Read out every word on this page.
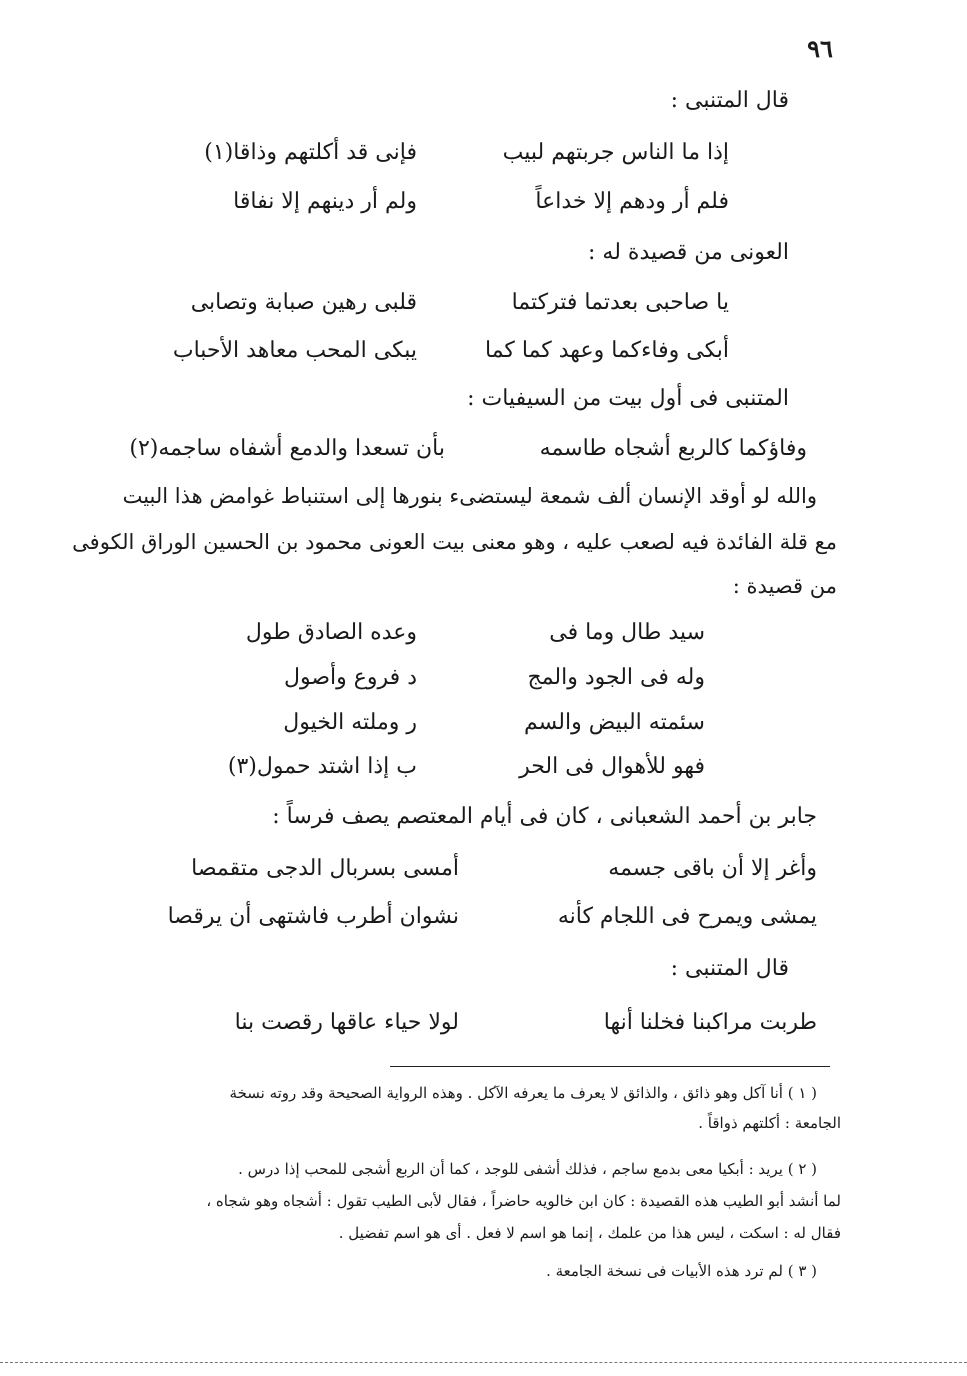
٩٦
قال المتنبى :
إذا ما الناس جربتهم لبيب
فإنى قد أكلتهم وذاقا(١)
فلم أر ودهم إلا خداعاً
ولم أر دينهم إلا نفاقا
العونى من قصيدة له :
يا صاحبى بعدتما فتركتما
قلبى رهين صبابة وتصابى
أبكى وفاءكما وعهد كما كما
يبكى المحب معاهد الأحباب
المتنبى فى أول بيت من السيفيات :
وفاؤكما كالربع أشجاه طاسمه
بأن تسعدا والدمع أشفاه ساجمه(٢)
والله لو أوقد الإنسان ألف شمعة ليستضىء بنورها إلى استنباط غوامض هذا البيت
مع قلة الفائدة فيه لصعب عليه ، وهو معنى بيت العونى محمود بن الحسين الوراق الكوفى
من قصيدة :
سيد طال وما فى
وعده الصادق طول
وله فى الجود والمج
د فروع وأصول
سئمته البيض والسم
ر وملته الخيول
فهو للأهوال فى الحر
ب إذا اشتد حمول(٣)
جابر بن أحمد الشعبانى ، كان فى أيام المعتصم يصف فرساً :
وأغر إلا أن باقى جسمه
أمسى بسربال الدجى متقمصا
يمشى ويمرح فى اللجام كأنه
نشوان أطرب فاشتهى أن يرقصا
قال المتنبى :
طربت مراكبنا فخلنا أنها
لولا حياء عاقها رقصت بنا
( ١ ) أنا آكل وهو ذائق ، والذائق لا يعرف ما يعرفه الآكل . وهذه الرواية الصحيحة وقد روته نسخة
الجامعة : أكلتهم ذواقاً .
( ٢ ) يريد : أبكيا معى بدمع ساجم ، فذلك أشفى للوجد ، كما أن الربع أشجى للمحب إذا درس .
لما أنشد أبو الطيب هذه القصيدة : كان ابن خالويه حاضراً ، فقال لأبى الطيب تقول : أشجاه وهو شجاه ،
فقال له : اسكت ، ليس هذا من علمك ، إنما هو اسم لا فعل . أى هو اسم تفضيل .
( ٣ ) لم ترد هذه الأبيات فى نسخة الجامعة .
